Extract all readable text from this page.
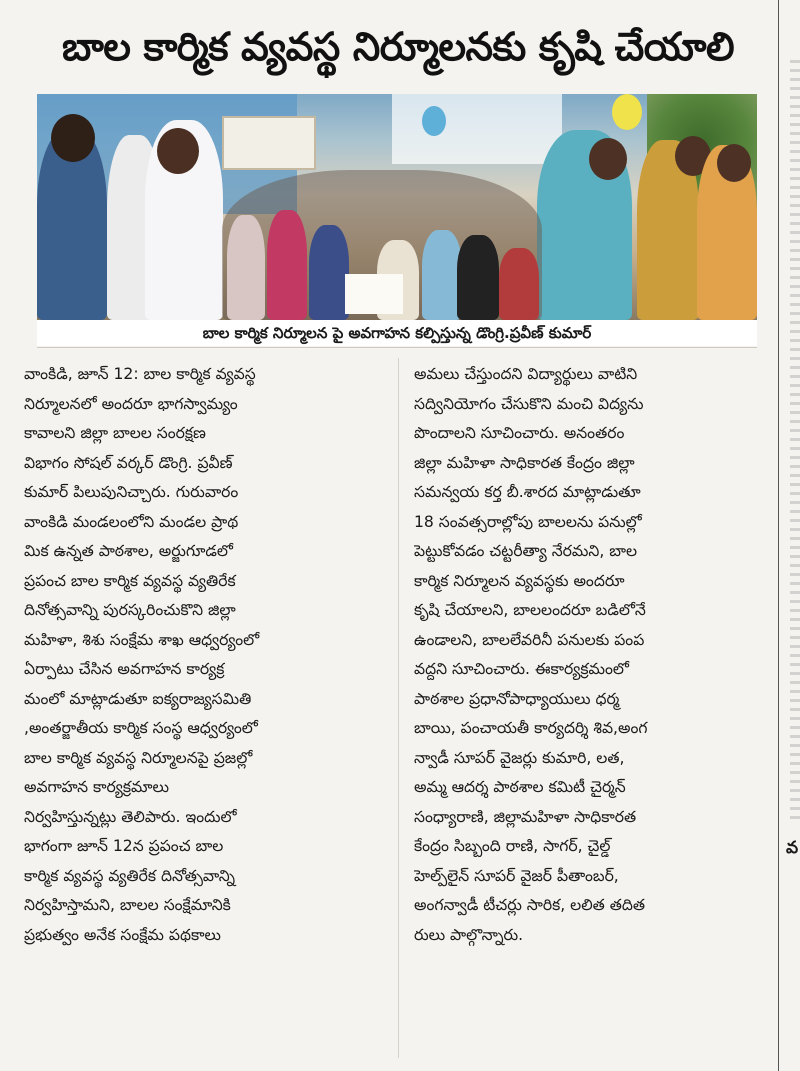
బాల కార్మిక వ్యవస్థ నిర్మూలనకు కృషి చేయాలి
బాల కార్మిక నిర్మూలన పై అవగాహన కల్పిస్తున్న డొంగ్రి.ప్రవీణ్ కుమార్
వాంకిడి, జూన్ 12: బాల కార్మిక వ్యవస్థ
నిర్మూలనలో అందరూ భాగస్వామ్యం
కావాలని జిల్లా బాలల సంరక్షణ
విభాగం సోషల్ వర్కర్ డొంగ్రి. ప్రవీణ్
కుమార్ పిలుపునిచ్చారు. గురువారం
వాంకిడి మండలంలోని మండల ప్రాథ
మిక ఉన్నత పాఠశాల, అర్జుగూడలో
ప్రపంచ బాల కార్మిక వ్యవస్థ వ్యతిరేక
దినోత్సవాన్ని పురస్కరించుకొని జిల్లా
మహిళా, శిశు సంక్షేమ శాఖ ఆధ్వర్యంలో
ఏర్పాటు చేసిన అవగాహన కార్యక్ర
మంలో మాట్లాడుతూ ఐక్యరాజ్యసమితి
,అంతర్జాతీయ కార్మిక సంస్థ ఆధ్వర్యంలో
బాల కార్మిక వ్యవస్థ నిర్మూలనపై ప్రజల్లో
అవగాహన కార్యక్రమాలు
నిర్వహిస్తున్నట్లు తెలిపారు. ఇందులో
భాగంగా జూన్ 12న ప్రపంచ బాల
కార్మిక వ్యవస్థ వ్యతిరేక దినోత్సవాన్ని
నిర్వహిస్తామని, బాలల సంక్షేమానికి
ప్రభుత్వం అనేక సంక్షేమ పథకాలు
అమలు చేస్తుందని విద్యార్థులు వాటిని
సద్వినియోగం చేసుకొని మంచి విద్యను
పొందాలని సూచించారు. అనంతరం
జిల్లా మహిళా సాధికారత కేంద్రం జిల్లా
సమన్వయ కర్త బీ.శారద మాట్లాడుతూ
18 సంవత్సరాల్లోపు బాలలను పనుల్లో
పెట్టుకోవడం చట్టరీత్యా నేరమని, బాల
కార్మిక నిర్మూలన వ్యవస్థకు అందరూ
కృషి చేయాలని, బాలలందరూ బడిలోనే
ఉండాలని, బాలలేవరినీ పనులకు పంప
వద్దని సూచించారు. ఈకార్యక్రమంలో
పాఠశాల ప్రధానోపాధ్యాయులు ధర్మ
బాయి, పంచాయతీ కార్యదర్శి శివ,అంగ
న్వాడీ సూపర్ వైజర్లు కుమారి, లత,
అమ్మ ఆదర్శ పాఠశాల కమిటీ చైర్మన్
సంధ్యారాణి, జిల్లామహిళా సాధికారత
కేంద్రం సిబ్బంది రాణి, సాగర్, చైల్డ్
హెల్ప్‌లైన్ సూపర్ వైజర్ పీతాంబర్,
అంగన్వాడీ టీచర్లు సారిక, లలిత తదిత
రులు పాల్గొన్నారు.
వ
